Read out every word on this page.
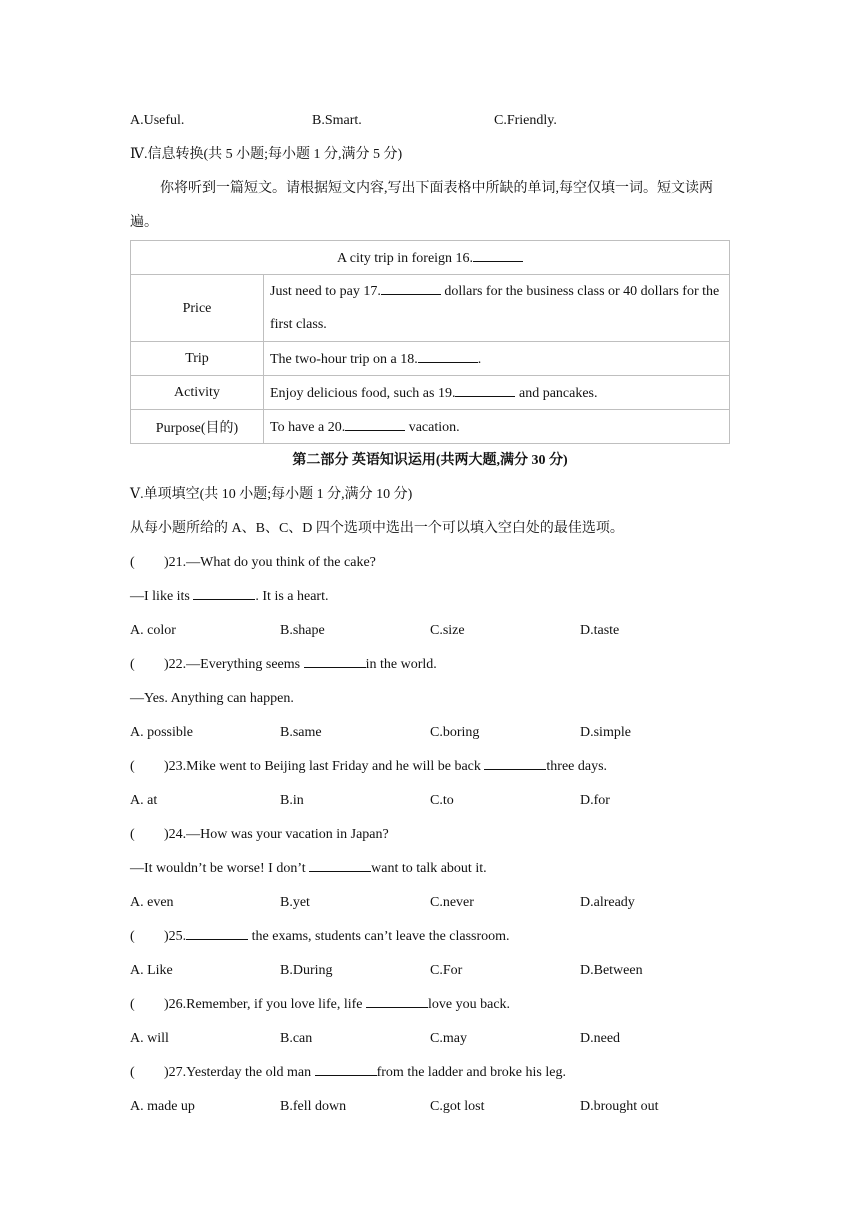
A.Useful.	B.Smart.	C.Friendly.
Ⅳ.信息转换(共 5 小题;每小题 1 分,满分 5 分)
你将听到一篇短文。请根据短文内容,写出下面表格中所缺的单词,每空仅填一词。短文读两遍。
A city trip in foreign 16.	
Price	Just need to pay 17. dollars for the business class or 40 dollars for the first class.
Trip	The two-hour trip on a 18. .
Activity	Enjoy delicious food, such as 19. and pancakes.
Purpose(目的)	To have a 20. vacation.
第二部分 英语知识运用(共两大题,满分 30 分)
Ⅴ.单项填空(共 10 小题;每小题 1 分,满分 10 分)
从每小题所给的 A、B、C、D 四个选项中选出一个可以填入空白处的最佳选项。
( )21.—What do you think of the cake?
—I like its	. It is a heart.
A. color	B.shape	C.size	D.taste
( )22.—Everything seems	in the world.
—Yes. Anything can happen.
A. possible	B.same	C.boring	D.simple
( )23.Mike went to Beijing last Friday and he will be back	three days.
A. at	B.in	C.to	D.for
( )24.—How was your vacation in Japan?
—It wouldn’t be worse! I don’t	want to talk about it.
A. even	B.yet	C.never	D.already
( )25.	the exams, students can’t leave the classroom.
A. Like	B.During	C.For	D.Between
( )26.Remember, if you love life, life	love you back.
A. will	B.can	C.may	D.need
( )27.Yesterday the old man	from the ladder and broke his leg.
A. made up	B.fell down	C.got lost	D.brought out
